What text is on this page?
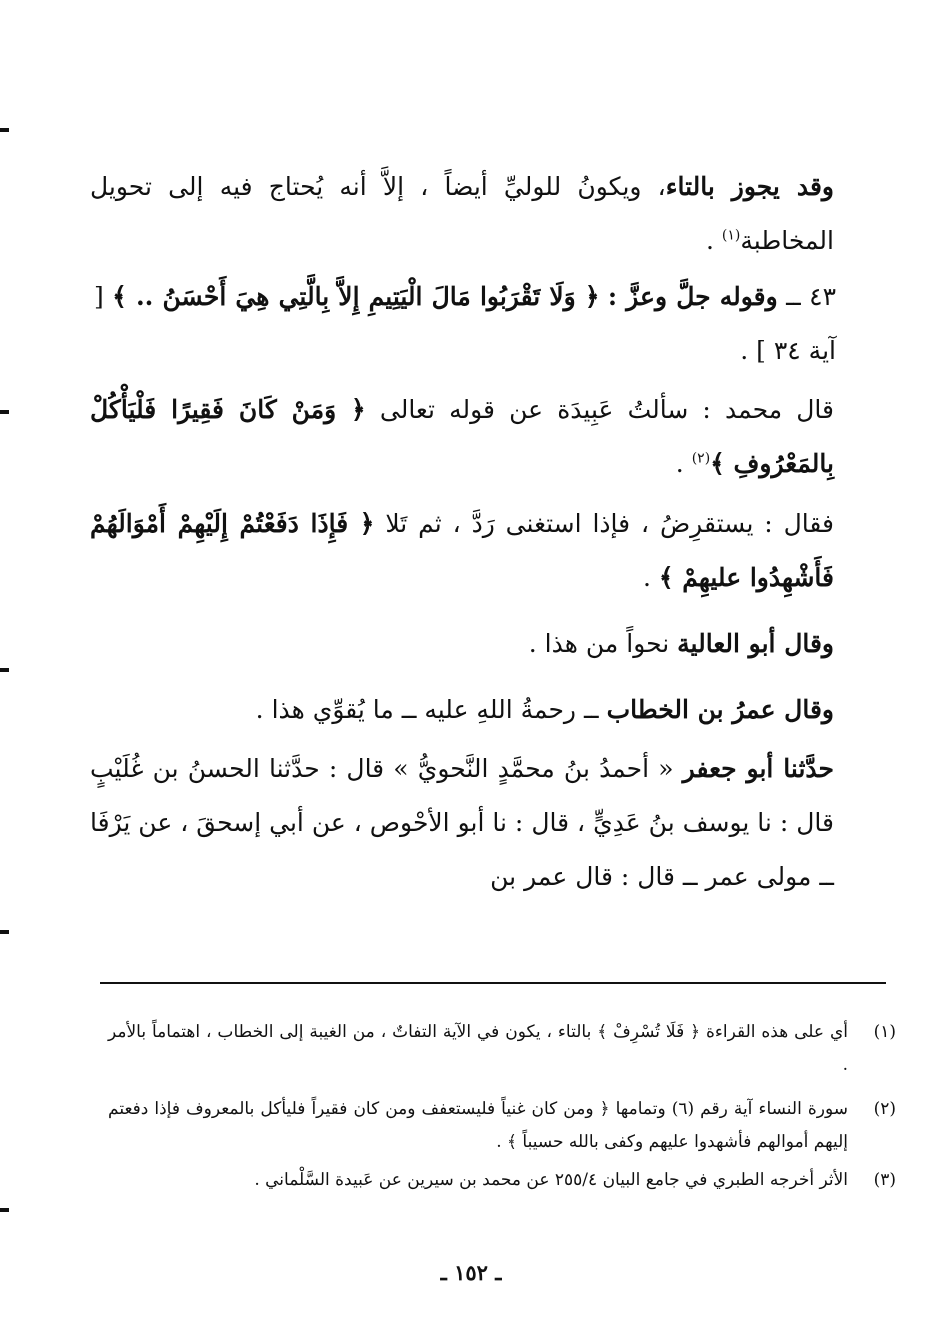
وقد يجوز بالتاء، ويكونُ للوليِّ أيضاً ، إلاَّ أنه يُحتاج فيه إلى تحويل المخاطبة$^{(١)}$ .
٤٣ ــ وقوله جلَّ وعزَّ : ﴿ وَلَا تَقْرَبُوا مَالَ الْيَتِيمِ إِلاَّ بِالَّتِي هِيَ أَحْسَنُ .. ﴾ [ آية ٣٤ ] .
قال محمد : سألتُ عَبِيدَة عن قوله تعالى ﴿ وَمَنْ كَانَ فَقِيرًا فَلْيَأْكُلْ بِالمَعْرُوفِ ﴾$^{(٢)}$ .
فقال : يستقرِضُ ، فإذا استغنى رَدَّ ، ثم تَلا ﴿ فَإِذَا دَفَعْتُمْ إِلَيْهِمْ أَمْوَالَهُمْ فَأَشْهِدُوا عليهِمْ ﴾ .
وقال أبو العالية نحواً من هذا .
وقال عمرُ بن الخطاب ــ رحمةُ اللهِ عليه ــ ما يُقوِّي هذا .
حدَّثنا أبو جعفر « أحمدُ بنُ محمَّدٍ النَّحويُّ » قال : حدَّثنا الحسنُ بن غُلَيْبٍ قال : نا يوسف بنُ عَدِيٍّ ، قال : نا أبو الأحْوص ، عن أبي إسحقَ ، عن يَرْفَا ــ مولى عمر ــ قال : قال عمر بن
(١)
أي على هذه القراءة ﴿ فَلَا تُسْرِفْ ﴾ بالتاء ، يكون في الآية التفاتٌ ، من الغيبة إلى الخطاب ، اهتماماً بالأمر .
(٢)
سورة النساء آية رقم (٦) وتمامها ﴿ ومن كان غنياً فليستعفف ومن كان فقيراً فليأكل بالمعروف فإذا دفعتم إليهم أموالهم فأشهدوا عليهم وكفى بالله حسيباً ﴾ .
(٣)
الأثر أخرجه الطبري في جامع البيان ٢٥٥/٤ عن محمد بن سيرين عن عَبيدة السَّلْماني .
ـ ١٥٢ ـ
